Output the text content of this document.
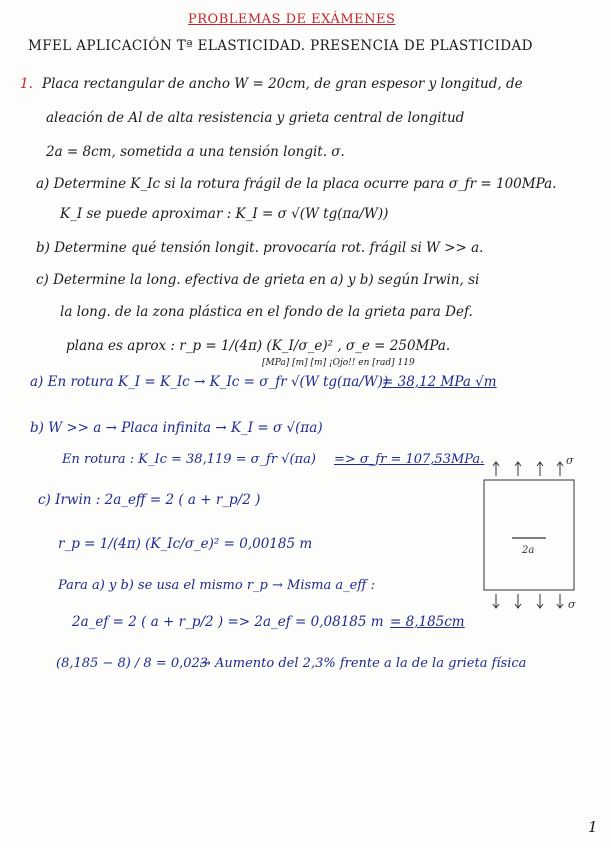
PROBLEMAS DE EXÁMENES
MFEL APLICACIÓN Tª ELASTICIDAD. PRESENCIA DE PLASTICIDAD
1. Placa rectangular de ancho W = 20cm, de gran espesor y longitud, de
aleación de Al de alta resistencia y grieta central de longitud
2a = 8cm, sometida a una tensión longit. σ.
a) Determine K_Ic si la rotura frágil de la placa ocurre para σ_fr = 100MPa.
K_I se puede aproximar : K_I = σ √(W tg(πa/W))
b) Determine qué tensión longit. provocaría rot. frágil si W >> a.
c) Determine la long. efectiva de grieta en a) y b) según Irwin, si
la long. de la zona plástica en el fondo de la grieta para Def.
plana es aprox : r_p = 1/(4π) (K_I/σ_e)² , σ_e = 250MPa.
[MPa] [m] [m] ¡Ojo!! en [rad] 119
a) En rotura K_I = K_Ic → K_Ic = σ_fr √(W tg(πa/W))
= 38,12 MPa √m
b) W >> a → Placa infinita → K_I = σ √(πa)
En rotura : K_Ic = 38,119 = σ_fr √(πa) => σ_fr = 107,53MPa.
c) Irwin : 2a_eff = 2 ( a + r_p/2 )
r_p = 1/(4π) (K_Ic/σ_e)² = 0,00185 m
Para a) y b) se usa el mismo r_p → Misma a_eff :
2a_ef = 2 ( a + r_p/2 ) => 2a_ef = 0,08185 m = 8,185cm
(8,185 − 8) / 8 = 0,023
→ Aumento del 2,3% frente a la de la grieta física
σ
2a
σ
1
